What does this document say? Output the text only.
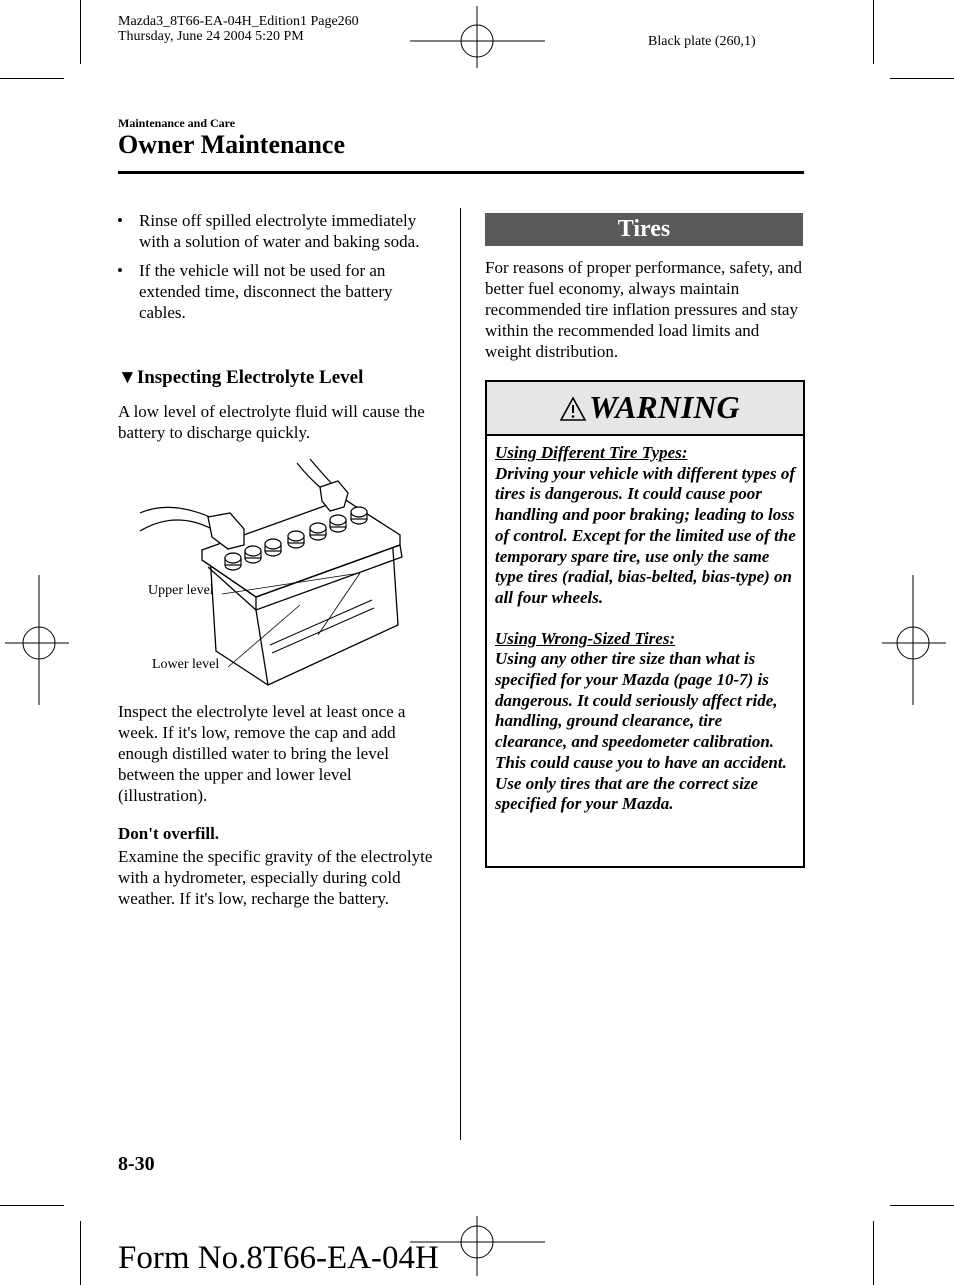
Mazda3_8T66-EA-04H_Edition1 Page260
Thursday, June 24 2004 5:20 PM	Black plate (260,1)
Maintenance and Care
Owner Maintenance
• Rinse off spilled electrolyte immediately with a solution of water and baking soda.
• If the vehicle will not be used for an extended time, disconnect the battery cables.
▼Inspecting Electrolyte Level

A low level of electrolyte fluid will cause the battery to discharge quickly.

Upper level
Lower level

Inspect the electrolyte level at least once a week. If it's low, remove the cap and add enough distilled water to bring the level between the upper and lower level (illustration).

Don't overfill.

Examine the specific gravity of the electrolyte with a hydrometer, especially during cold weather. If it's low, recharge the battery.

Tires

For reasons of proper performance, safety, and better fuel economy, always maintain recommended tire inflation pressures and stay within the recommended load limits and weight distribution.

WARNING

Using Different Tire Types:

Driving your vehicle with different types of tires is dangerous. It could cause poor handling and poor braking; leading to loss of control. Except for the limited use of the temporary spare tire, use only the same type tires (radial, bias-belted, bias-type) on all four wheels.

Using Wrong-Sized Tires:

Using any other tire size than what is specified for your Mazda (page 10-7) is dangerous. It could seriously affect ride, handling, ground clearance, tire clearance, and speedometer calibration. This could cause you to have an accident. Use only tires that are the correct size specified for your Mazda.

8-30
Form No.8T66-EA-04H
